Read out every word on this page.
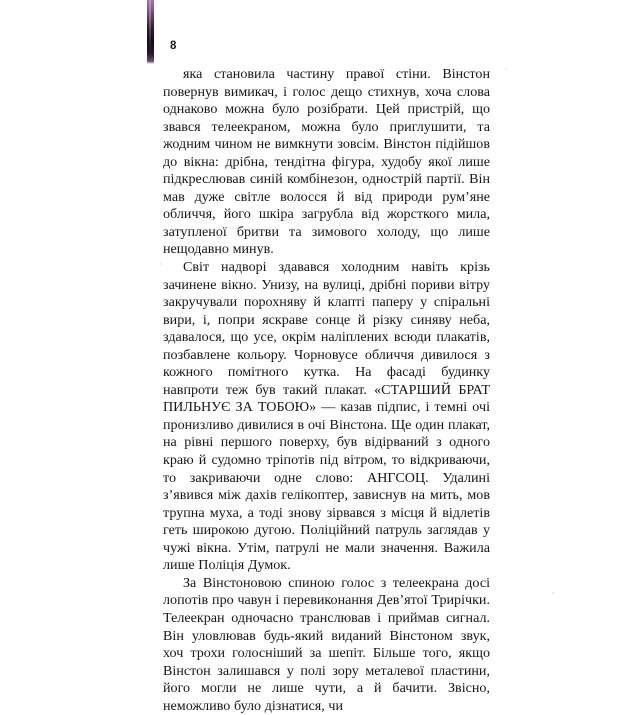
8

яка становила частину правої стіни. Вінстон повернув вимикач, і голос дещо стихнув, хоча слова однаково можна було розібрати. Цей пристрій, що звався телеекраном, можна було приглушити, та жодним чином не вимкнути зовсім. Вінстон підійшов до вікна: дрібна, тендітна фігура, худобу якої лише підкреслював синій комбінезон, однострій партії. Він мав дуже світле волосся й від природи рум’яне обличчя, його шкіра загрубла від жорсткого мила, затупленої бритви та зимового холоду, що лише нещодавно минув.

Світ надворі здавався холодним навіть крізь зачинене вікно. Унизу, на вулиці, дрібні пориви вітру закручували порохняву й клапті паперу у спіральні вири, і, попри яскраве сонце й різку синяву неба, здавалося, що усе, окрім наліплених всюди плакатів, позбавлене кольору. Чорновусе обличчя дивилося з кожного помітного кутка. На фасаді будинку навпроти теж був такий плакат. «СТАРШИЙ БРАТ ПИЛЬНУЄ ЗА ТОБОЮ» — казав підпис, і темні очі пронизливо дивилися в очі Вінстона. Ще один плакат, на рівні першого поверху, був відірваний з одного краю й судомно тріпотів під вітром, то відкриваючи, то закриваючи одне слово: АНГСОЦ. Удалині з’явився між дахів гелікоптер, зависнув на мить, мов трупна муха, а тоді знову зірвався з місця й відлетів геть широкою дугою. Поліційний патруль заглядав у чужі вікна. Утім, патрулі не мали значення. Важила лише Поліція Думок.

За Вінстоновою спиною голос з телеекрана досі лопотів про чавун і перевиконання Дев’ятої Трирічки. Телеекран одночасно транслював і приймав сигнал. Він уловлював будь-який виданий Вінстоном звук, хоч трохи голосніший за шепіт. Більше того, якщо Вінстон залишався у полі зору металевої пластини, його могли не лише чути, а й бачити. Звісно, неможливо було дізнатися, чи
